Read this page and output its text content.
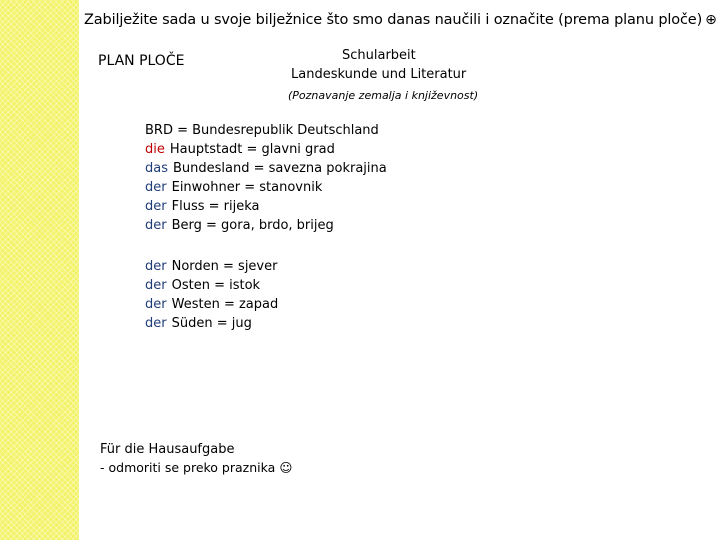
Zabilježite sada u svoje bilježnice što smo danas naučili i označite (prema planu ploče) ⊕
PLAN PLOČE	Schularbeit
Landeskunde und Literatur
(Poznavanje zemalja i književnost)
BRD = Bundesrepublik Deutschland
die Hauptstadt = glavni grad
das Bundesland = savezna pokrajina
der Einwohner = stanovnik
der Fluss = rijeka
der Berg = gora, brdo, brijeg
der Norden = sjever
der Osten = istok
der Westen = zapad
der Süden = jug
Für die Hausaufgabe
- odmoriti se preko praznika ☺
